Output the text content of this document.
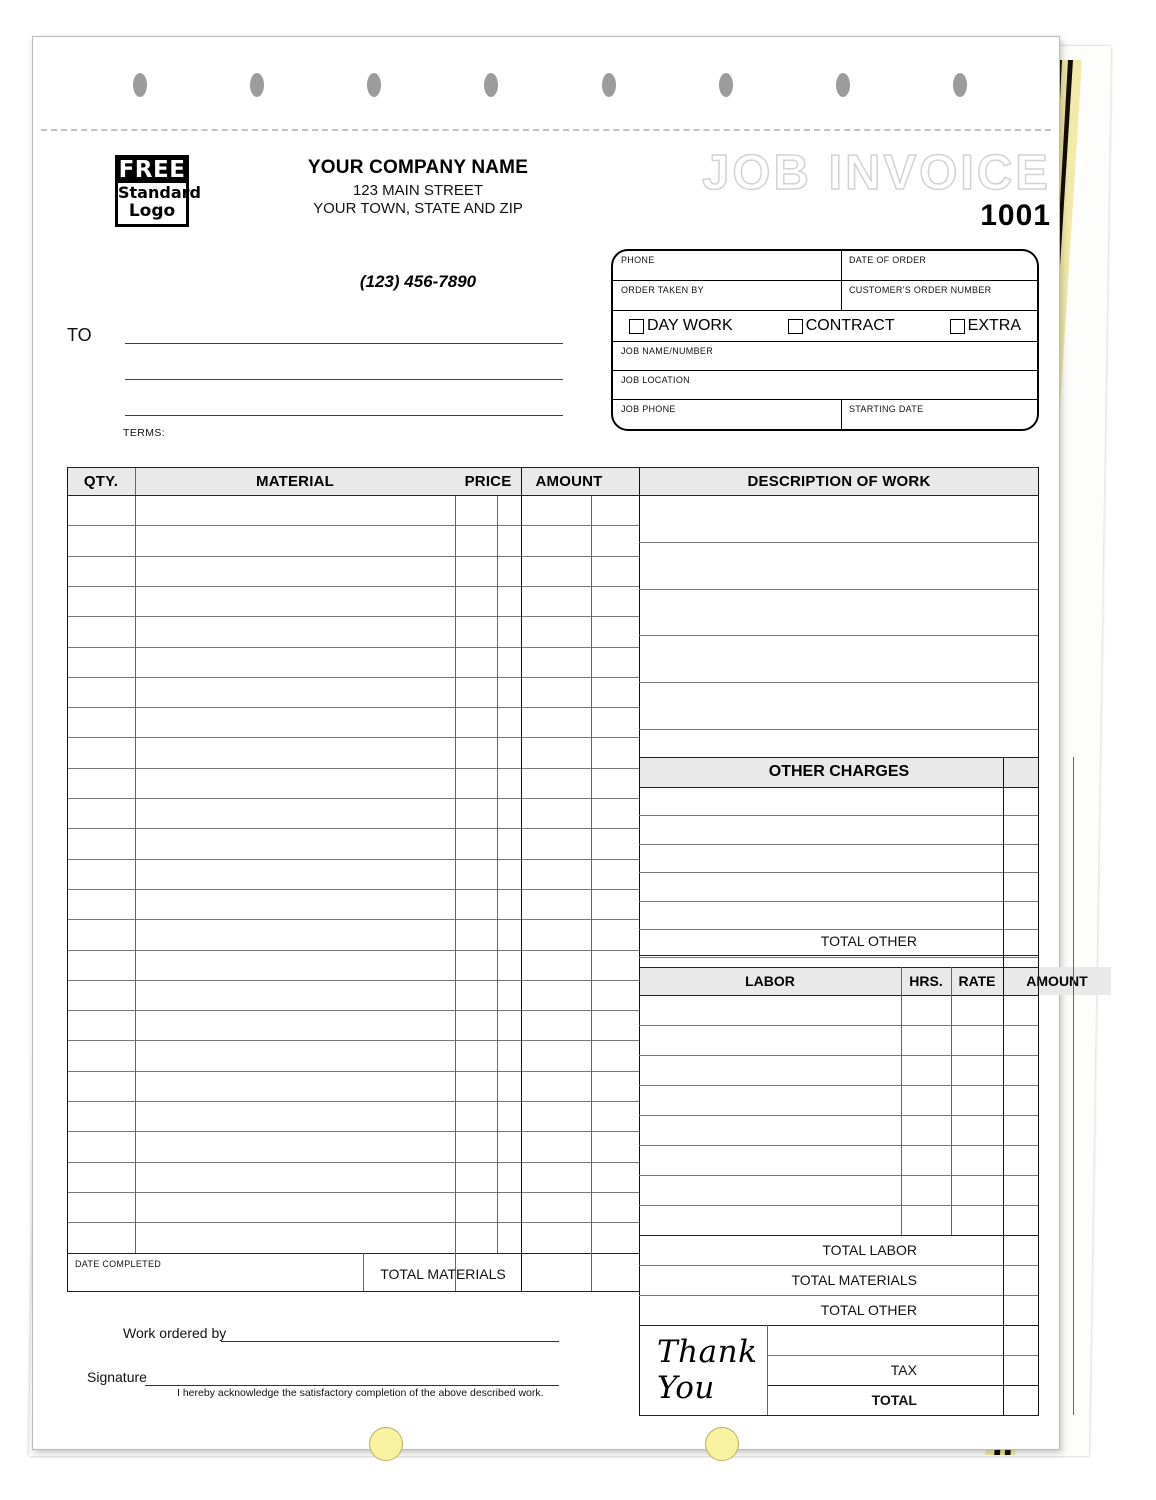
FREE
Standard
Logo
YOUR COMPANY NAME
123 MAIN STREET
YOUR TOWN, STATE AND ZIP
(123) 456-7890
JOB INVOICE
1001
TO
TERMS:
PHONE	DATE OF ORDER
ORDER TAKEN BY	CUSTOMER'S ORDER NUMBER
DAY WORK	CONTRACT	EXTRA
JOB NAME/NUMBER
JOB LOCATION
JOB PHONE	STARTING DATE
QTY.	MATERIAL	PRICE	AMOUNT	DESCRIPTION OF WORK
OTHER CHARGES
LABOR	HRS.	RATE	AMOUNT
TOTAL OTHER
TOTAL LABOR
TOTAL MATERIALS
TOTAL OTHER
TAX
TOTAL
Thank You
DATE COMPLETED
TOTAL MATERIALS
Work ordered by
Signature
I hereby acknowledge the satisfactory completion of the above described work.
